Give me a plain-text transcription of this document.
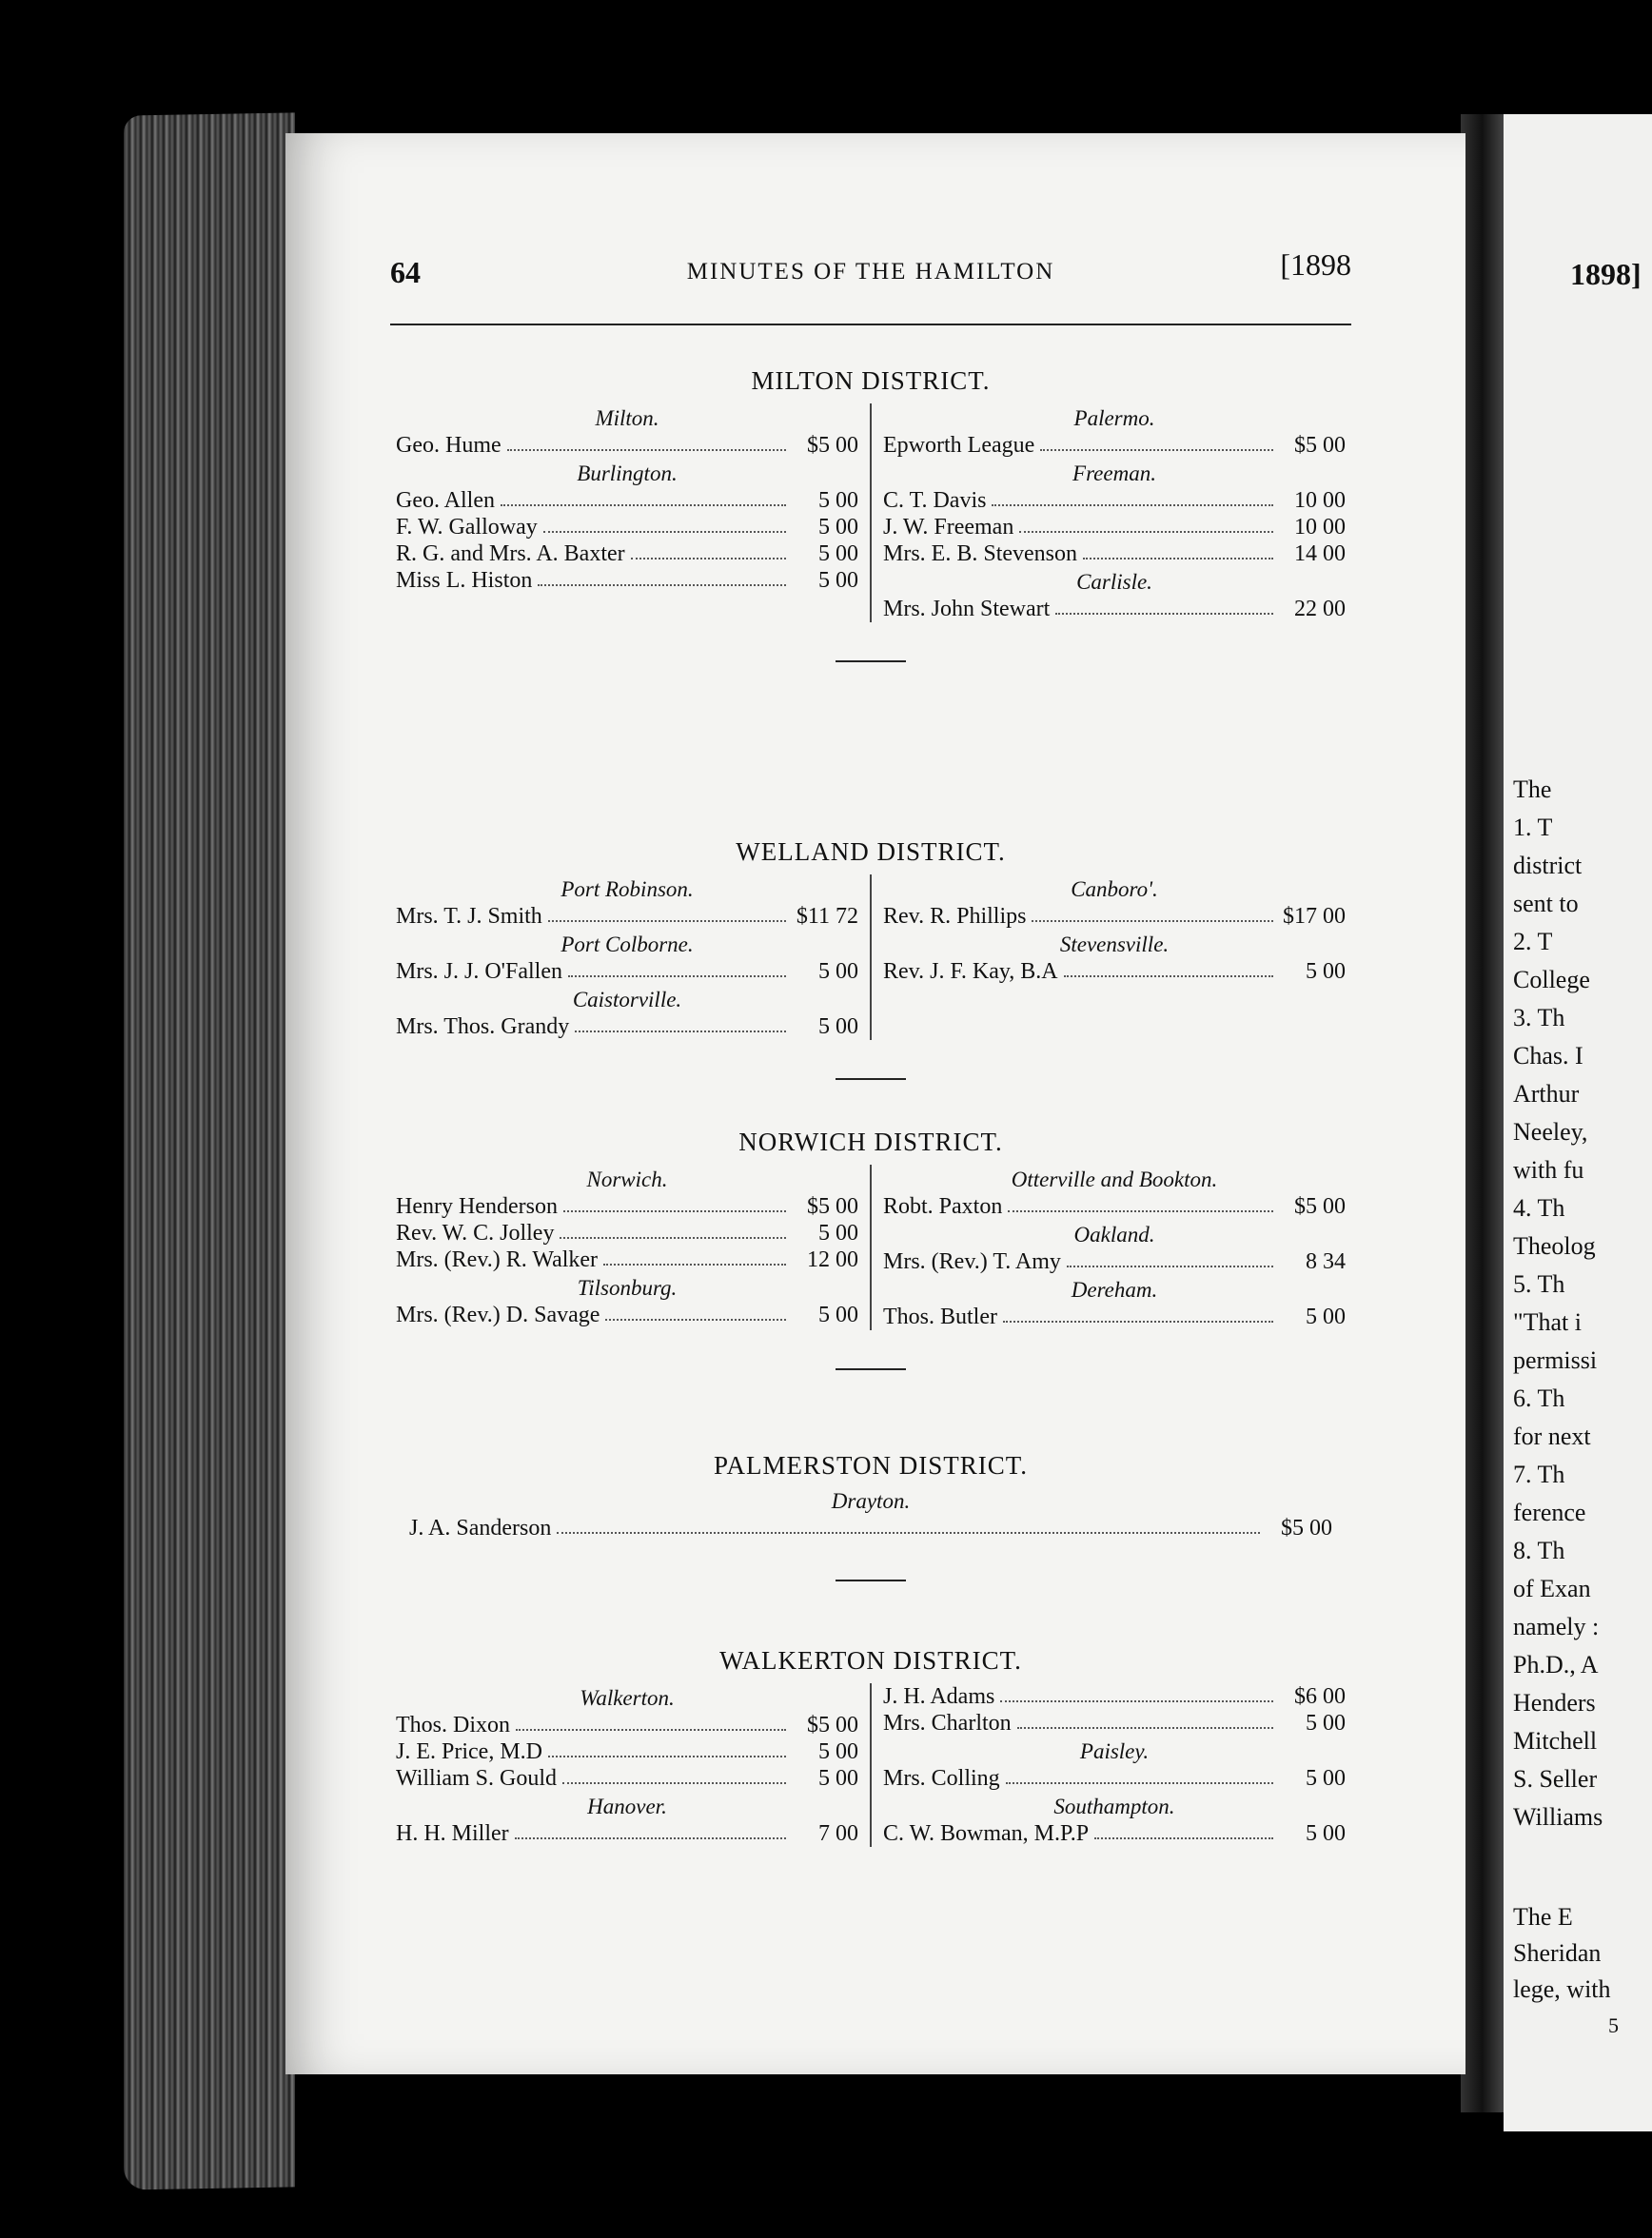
64	MINUTES OF THE HAMILTON	[1898
MILTON DISTRICT.
Milton.
Geo. Hume	$5 00
Burlington.
Geo. Allen	5 00
F. W. Galloway	5 00
R. G. and Mrs. A. Baxter	5 00
Miss L. Histon	5 00
Palermo.
Epworth League	$5 00
Freeman.
C. T. Davis	10 00
J. W. Freeman	10 00
Mrs. E. B. Stevenson	14 00
Carlisle.
Mrs. John Stewart	22 00
WELLAND DISTRICT.
Port Robinson.
Mrs. T. J. Smith	$11 72
Port Colborne.
Mrs. J. J. O'Fallen	5 00
Caistorville.
Mrs. Thos. Grandy	5 00
Canboro'.
Rev. R. Phillips	$17 00
Stevensville.
Rev. J. F. Kay, B.A	5 00
NORWICH DISTRICT.
Norwich.
Henry Henderson	$5 00
Rev. W. C. Jolley	5 00
Mrs. (Rev.) R. Walker	12 00
Tilsonburg.
Mrs. (Rev.) D. Savage	5 00
Otterville and Bookton.
Robt. Paxton	$5 00
Oakland.
Mrs. (Rev.) T. Amy	8 34
Dereham.
Thos. Butler	5 00
PALMERSTON DISTRICT.
Drayton.
J. A. Sanderson	$5 00
WALKERTON DISTRICT.
Walkerton.
Thos. Dixon	$5 00
J. E. Price, M.D	5 00
William S. Gould	5 00
Hanover.
H. H. Miller	7 00
J. H. Adams	$6 00
Mrs. Charlton	5 00
Paisley.
Mrs. Colling	5 00
Southampton.
C. W. Bowman, M.P.P	5 00
1898]
The
1. T
district
sent to
2. T
College
3. Th
Chas. I
Arthur
Neeley,
with fu
4. Th
Theolog
5. Th
"That i
permissi
6. Th
for next
7. Th
ference
8. Th
of Exan
namely :
Ph.D., A
Henders
Mitchell
S. Seller
Williams
The E
Sheridan
lege, with
5
